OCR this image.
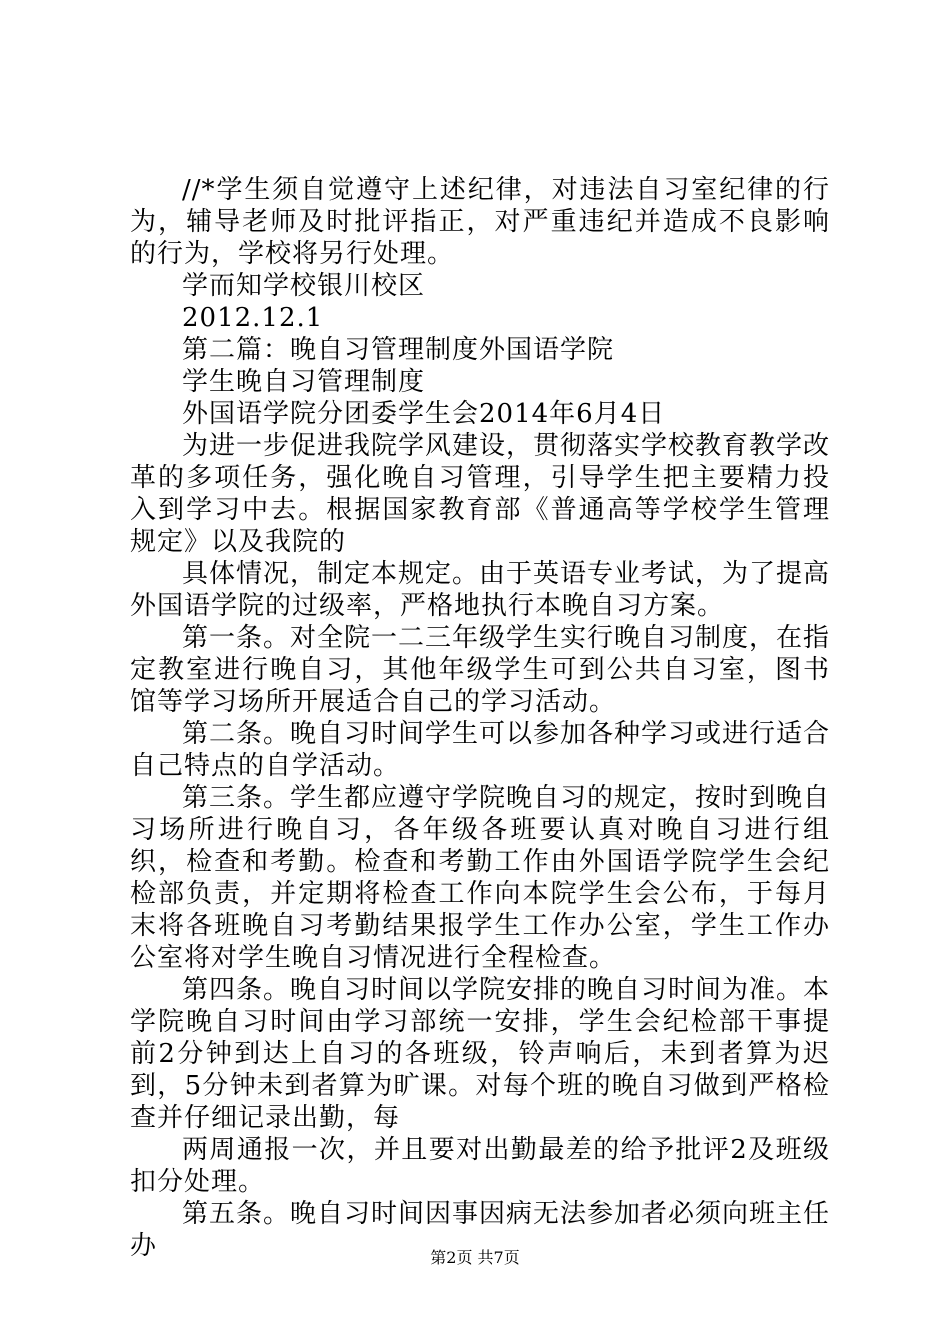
//*学生须自觉遵守上述纪律，对违法自习室纪律的行为，辅导老师及时批评指正，对严重违纪并造成不良影响的行为，学校将另行处理。

学而知学校银川校区

2012.12.1

第二篇：晚自习管理制度外国语学院

学生晚自习管理制度

外国语学院分团委学生会2014年6月4日

为进一步促进我院学风建设，贯彻落实学校教育教学改革的多项任务，强化晚自习管理，引导学生把主要精力投入到学习中去。根据国家教育部《普通高等学校学生管理规定》以及我院的

具体情况，制定本规定。由于英语专业考试，为了提高外国语学院的过级率，严格地执行本晚自习方案。

第一条。对全院一二三年级学生实行晚自习制度，在指定教室进行晚自习，其他年级学生可到公共自习室，图书馆等学习场所开展适合自己的学习活动。

第二条。晚自习时间学生可以参加各种学习或进行适合自己特点的自学活动。

第三条。学生都应遵守学院晚自习的规定，按时到晚自习场所进行晚自习，各年级各班要认真对晚自习进行组织，检查和考勤。检查和考勤工作由外国语学院学生会纪检部负责，并定期将检查工作向本院学生会公布，于每月末将各班晚自习考勤结果报学生工作办公室，学生工作办公室将对学生晚自习情况进行全程检查。

第四条。晚自习时间以学院安排的晚自习时间为准。本学院晚自习时间由学习部统一安排，学生会纪检部干事提前2分钟到达上自习的各班级，铃声响后，未到者算为迟到，5分钟未到者算为旷课。对每个班的晚自习做到严格检查并仔细记录出勤，每

两周通报一次，并且要对出勤最差的给予批评2及班级扣分处理。

第五条。晚自习时间因事因病无法参加者必须向班主任办	第2页 共7页
